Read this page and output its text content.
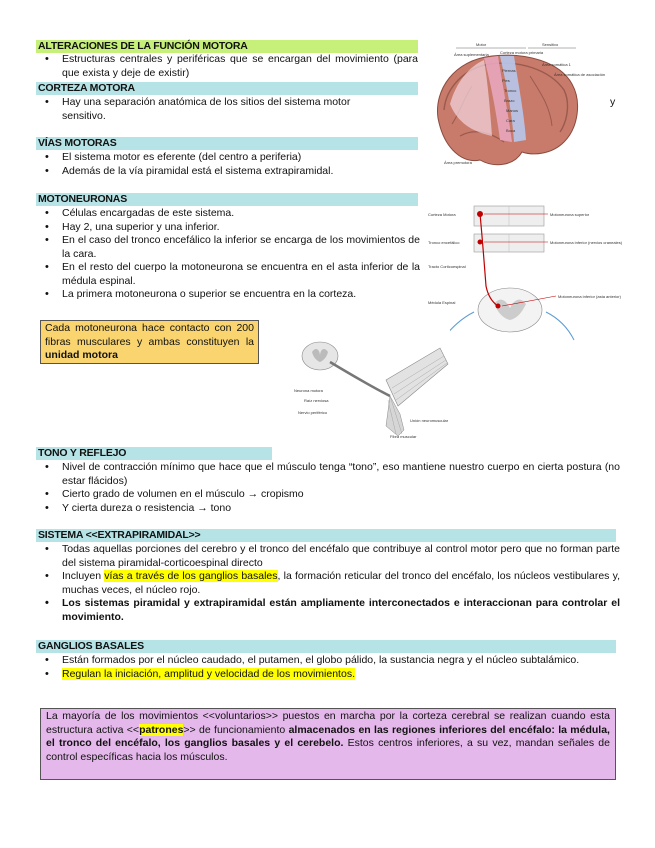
ALTERACIONES DE LA FUNCIÓN MOTORA
• Estructuras centrales y periféricas que se encargan del movimiento (para que exista y deje de existir)
CORTEZA MOTORA
• Hay una separación anatómica de los sitios del sistema motor
sensitivo.
y
VÍAS MOTORAS
• El sistema motor es eferente (del centro a periferia)
• Además de la vía piramidal está el sistema extrapiramidal.
MOTONEURONAS
• Células encargadas de este sistema.
• Hay 2, una superior y una inferior.
• En el caso del tronco encefálico la inferior se encarga de los movimientos de la cara.
• En el resto del cuerpo la motoneurona se encuentra en el asta inferior de la médula espinal.
• La primera motoneurona o superior se encuentra en la corteza.
Cada motoneurona hace contacto con 200 fibras musculares y ambas constituyen la unidad motora
Motor	Sensitivo
Área suplementaria	Corteza motora primaria
Área somática 1
Área somática de asociación
Piernas
Pies
Tronco
Brazo
Manos
Cara
Boca
Área premotora
Corteza Motora
Tronco encefálico
Tracto Corticoespinal
Médula Espinal
Motoneurona superior
Motoneurona inferior (nervios craneales)
Motoneurona inferior (asta anterior)
Neurona motora
Raíz nerviosa
Nervio periférico
Unión neuromuscular
Fibra muscular
TONO Y REFLEJO
• Nivel de contracción mínimo que hace que el músculo tenga “tono”, eso mantiene nuestro cuerpo en cierta postura (no estar flácidos)
• Cierto grado de volumen en el músculo → cropismo
• Y cierta dureza o resistencia → tono
SISTEMA <<EXTRAPIRAMIDAL>>
• Todas aquellas porciones del cerebro y el tronco del encéfalo que contribuye al control motor pero que no forman parte del sistema piramidal-corticoespinal directo
• Incluyen vías a través de los ganglios basales, la formación reticular del tronco del encéfalo, los núcleos vestibulares y, muchas veces, el núcleo rojo.
• Los sistemas piramidal y extrapiramidal están ampliamente interconectados e interaccionan para controlar el movimiento.
GANGLIOS BASALES
• Están formados por el núcleo caudado, el putamen, el globo pálido, la sustancia negra y el núcleo subtalámico.
• Regulan la iniciación, amplitud y velocidad de los movimientos.
La mayoría de los movimientos <<voluntarios>> puestos en marcha por la corteza cerebral se realizan cuando esta estructura activa <<patrones>> de funcionamiento almacenados en las regiones inferiores del encéfalo: la médula, el tronco del encéfalo, los ganglios basales y el cerebelo. Estos centros inferiores, a su vez, mandan señales de control específicas hacia los músculos.
